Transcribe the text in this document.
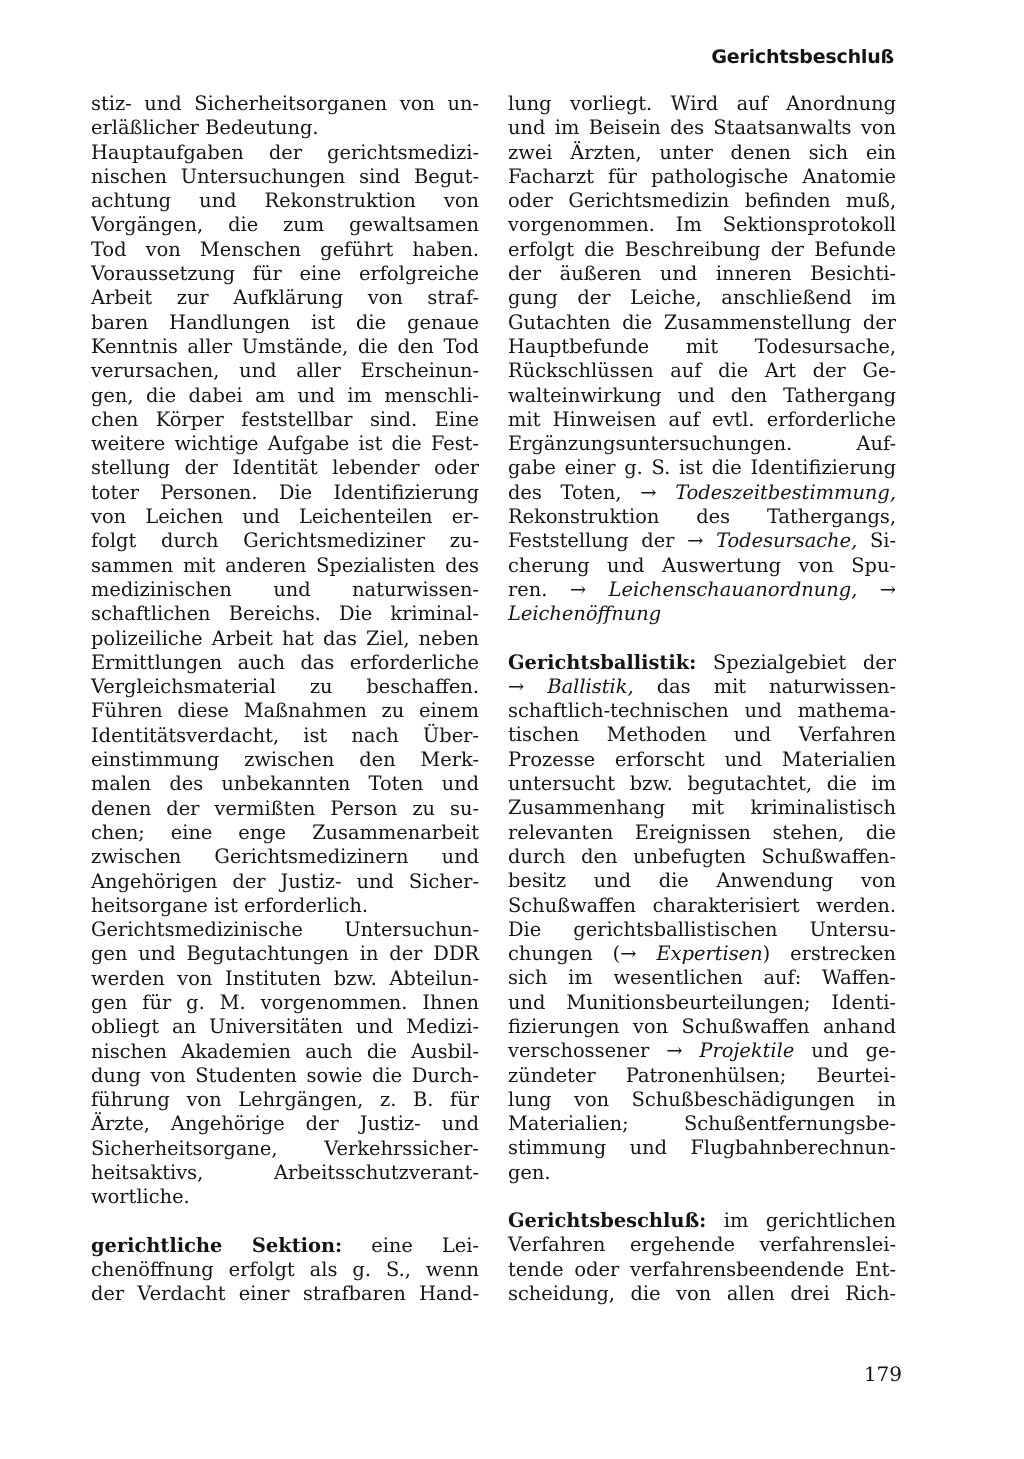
Gerichtsbeschluß
stiz- und Sicherheitsorganen von un-
erläßlicher Bedeutung.
Hauptaufgaben der gerichtsmedizi-
nischen Untersuchungen sind Begut-
achtung und Rekonstruktion von
Vorgängen, die zum gewaltsamen
Tod von Menschen geführt haben.
Voraussetzung für eine erfolgreiche
Arbeit zur Aufklärung von straf-
baren Handlungen ist die genaue
Kenntnis aller Umstände, die den Tod
verursachen, und aller Erscheinun-
gen, die dabei am und im menschli-
chen Körper feststellbar sind. Eine
weitere wichtige Aufgabe ist die Fest-
stellung der Identität lebender oder
toter Personen. Die Identifizierung
von Leichen und Leichenteilen er-
folgt durch Gerichtsmediziner zu-
sammen mit anderen Spezialisten des
medizinischen und naturwissen-
schaftlichen Bereichs. Die kriminal-
polizeiliche Arbeit hat das Ziel, neben
Ermittlungen auch das erforderliche
Vergleichsmaterial zu beschaffen.
Führen diese Maßnahmen zu einem
Identitätsverdacht, ist nach Über-
einstimmung zwischen den Merk-
malen des unbekannten Toten und
denen der vermißten Person zu su-
chen; eine enge Zusammenarbeit
zwischen Gerichtsmedizinern und
Angehörigen der Justiz- und Sicher-
heitsorgane ist erforderlich.
Gerichtsmedizinische Untersuchun-
gen und Begutachtungen in der DDR
werden von Instituten bzw. Abteilun-
gen für g. M. vorgenommen. Ihnen
obliegt an Universitäten und Medizi-
nischen Akademien auch die Ausbil-
dung von Studenten sowie die Durch-
führung von Lehrgängen, z. B. für
Ärzte, Angehörige der Justiz- und
Sicherheitsorgane, Verkehrssicher-
heitsaktivs, Arbeitsschutzverant-
wortliche.
gerichtliche Sektion: eine Lei-
chenöffnung erfolgt als g. S., wenn
der Verdacht einer strafbaren Hand-
lung vorliegt. Wird auf Anordnung
und im Beisein des Staatsanwalts von
zwei Ärzten, unter denen sich ein
Facharzt für pathologische Anatomie
oder Gerichtsmedizin befinden muß,
vorgenommen. Im Sektionsprotokoll
erfolgt die Beschreibung der Befunde
der äußeren und inneren Besichti-
gung der Leiche, anschließend im
Gutachten die Zusammenstellung der
Hauptbefunde mit Todesursache,
Rückschlüssen auf die Art der Ge-
walteinwirkung und den Tathergang
mit Hinweisen auf evtl. erforderliche
Ergänzungsuntersuchungen. Auf-
gabe einer g. S. ist die Identifizierung
des Toten, → Todeszeitbestimmung,
Rekonstruktion des Tathergangs,
Feststellung der → Todesursache, Si-
cherung und Auswertung von Spu-
ren. → Leichenschauanordnung, →
Leichenöffnung
Gerichtsballistik: Spezialgebiet der
→ Ballistik, das mit naturwissen-
schaftlich-technischen und mathema-
tischen Methoden und Verfahren
Prozesse erforscht und Materialien
untersucht bzw. begutachtet, die im
Zusammenhang mit kriminalistisch
relevanten Ereignissen stehen, die
durch den unbefugten Schußwaffen-
besitz und die Anwendung von
Schußwaffen charakterisiert werden.
Die gerichtsballistischen Untersu-
chungen (→ Expertisen) erstrecken
sich im wesentlichen auf: Waffen-
und Munitionsbeurteilungen; Identi-
fizierungen von Schußwaffen anhand
verschossener → Projektile und ge-
zündeter Patronenhülsen; Beurtei-
lung von Schußbeschädigungen in
Materialien; Schußentfernungsbe-
stimmung und Flugbahnberechnun-
gen.
Gerichtsbeschluß: im gerichtlichen
Verfahren ergehende verfahrenslei-
tende oder verfahrensbeendende Ent-
scheidung, die von allen drei Rich-
179
